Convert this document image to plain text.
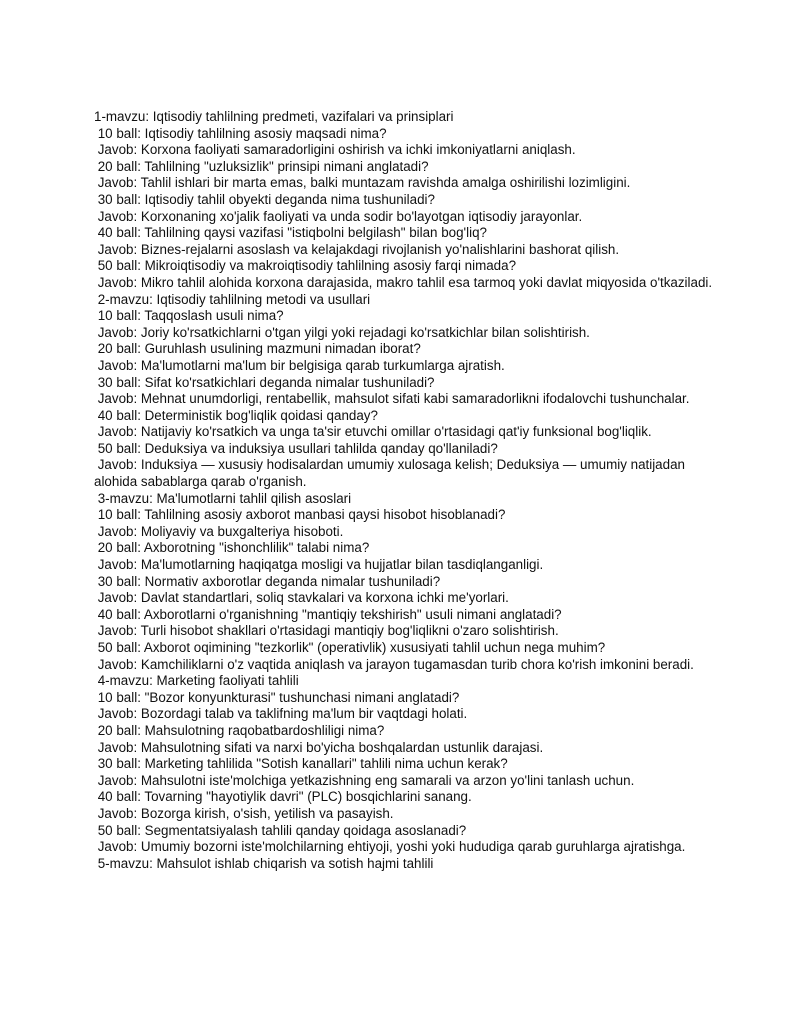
1-mavzu: Iqtisodiy tahlilning predmeti, vazifalari va prinsiplari

10 ball: Iqtisodiy tahlilning asosiy maqsadi nima?

Javob: Korxona faoliyati samaradorligini oshirish va ichki imkoniyatlarni aniqlash.

20 ball: Tahlilning "uzluksizlik" prinsipi nimani anglatadi?

Javob: Tahlil ishlari bir marta emas, balki muntazam ravishda amalga oshirilishi lozimligini.

30 ball: Iqtisodiy tahlil obyekti deganda nima tushuniladi?

Javob: Korxonaning xo'jalik faoliyati va unda sodir bo'layotgan iqtisodiy jarayonlar.

40 ball: Tahlilning qaysi vazifasi "istiqbolni belgilash" bilan bog'liq?

Javob: Biznes-rejalarni asoslash va kelajakdagi rivojlanish yo'nalishlarini bashorat qilish.

50 ball: Mikroiqtisodiy va makroiqtisodiy tahlilning asosiy farqi nimada?

Javob: Mikro tahlil alohida korxona darajasida, makro tahlil esa tarmoq yoki davlat miqyosida o'tkaziladi.

2-mavzu: Iqtisodiy tahlilning metodi va usullari

10 ball: Taqqoslash usuli nima?

Javob: Joriy ko'rsatkichlarni o'tgan yilgi yoki rejadagi ko'rsatkichlar bilan solishtirish.

20 ball: Guruhlash usulining mazmuni nimadan iborat?

Javob: Ma'lumotlarni ma'lum bir belgisiga qarab turkumlarga ajratish.

30 ball: Sifat ko'rsatkichlari deganda nimalar tushuniladi?

Javob: Mehnat unumdorligi, rentabellik, mahsulot sifati kabi samaradorlikni ifodalovchi tushunchalar.

40 ball: Deterministik bog'liqlik qoidasi qanday?

Javob: Natijaviy ko'rsatkich va unga ta'sir etuvchi omillar o'rtasidagi qat'iy funksional bog'liqlik.

50 ball: Deduksiya va induksiya usullari tahlilda qanday qo'llaniladi?

Javob: Induksiya — xususiy hodisalardan umumiy xulosaga kelish; Deduksiya — umumiy natijadan alohida sabablarga qarab o'rganish.

3-mavzu: Ma'lumotlarni tahlil qilish asoslari

10 ball: Tahlilning asosiy axborot manbasi qaysi hisobot hisoblanadi?

Javob: Moliyaviy va buxgalteriya hisoboti.

20 ball: Axborotning "ishonchlilik" talabi nima?

Javob: Ma'lumotlarning haqiqatga mosligi va hujjatlar bilan tasdiqlanganligi.

30 ball: Normativ axborotlar deganda nimalar tushuniladi?

Javob: Davlat standartlari, soliq stavkalari va korxona ichki me'yorlari.

40 ball: Axborotlarni o'rganishning "mantiqiy tekshirish" usuli nimani anglatadi?

Javob: Turli hisobot shakllari o'rtasidagi mantiqiy bog'liqlikni o'zaro solishtirish.

50 ball: Axborot oqimining "tezkorlik" (operativlik) xususiyati tahlil uchun nega muhim?

Javob: Kamchiliklarni o'z vaqtida aniqlash va jarayon tugamasdan turib chora ko'rish imkonini beradi.

4-mavzu: Marketing faoliyati tahlili

10 ball: "Bozor konyunkturasi" tushunchasi nimani anglatadi?

Javob: Bozordagi talab va taklifning ma'lum bir vaqtdagi holati.

20 ball: Mahsulotning raqobatbardoshliligi nima?

Javob: Mahsulotning sifati va narxi bo'yicha boshqalardan ustunlik darajasi.

30 ball: Marketing tahlilida "Sotish kanallari" tahlili nima uchun kerak?

Javob: Mahsulotni iste'molchiga yetkazishning eng samarali va arzon yo'lini tanlash uchun.

40 ball: Tovarning "hayotiylik davri" (PLC) bosqichlarini sanang.

Javob: Bozorga kirish, o'sish, yetilish va pasayish.

50 ball: Segmentatsiyalash tahlili qanday qoidaga asoslanadi?

Javob: Umumiy bozorni iste'molchilarning ehtiyoji, yoshi yoki hududiga qarab guruhlarga ajratishga.

5-mavzu: Mahsulot ishlab chiqarish va sotish hajmi tahlili
